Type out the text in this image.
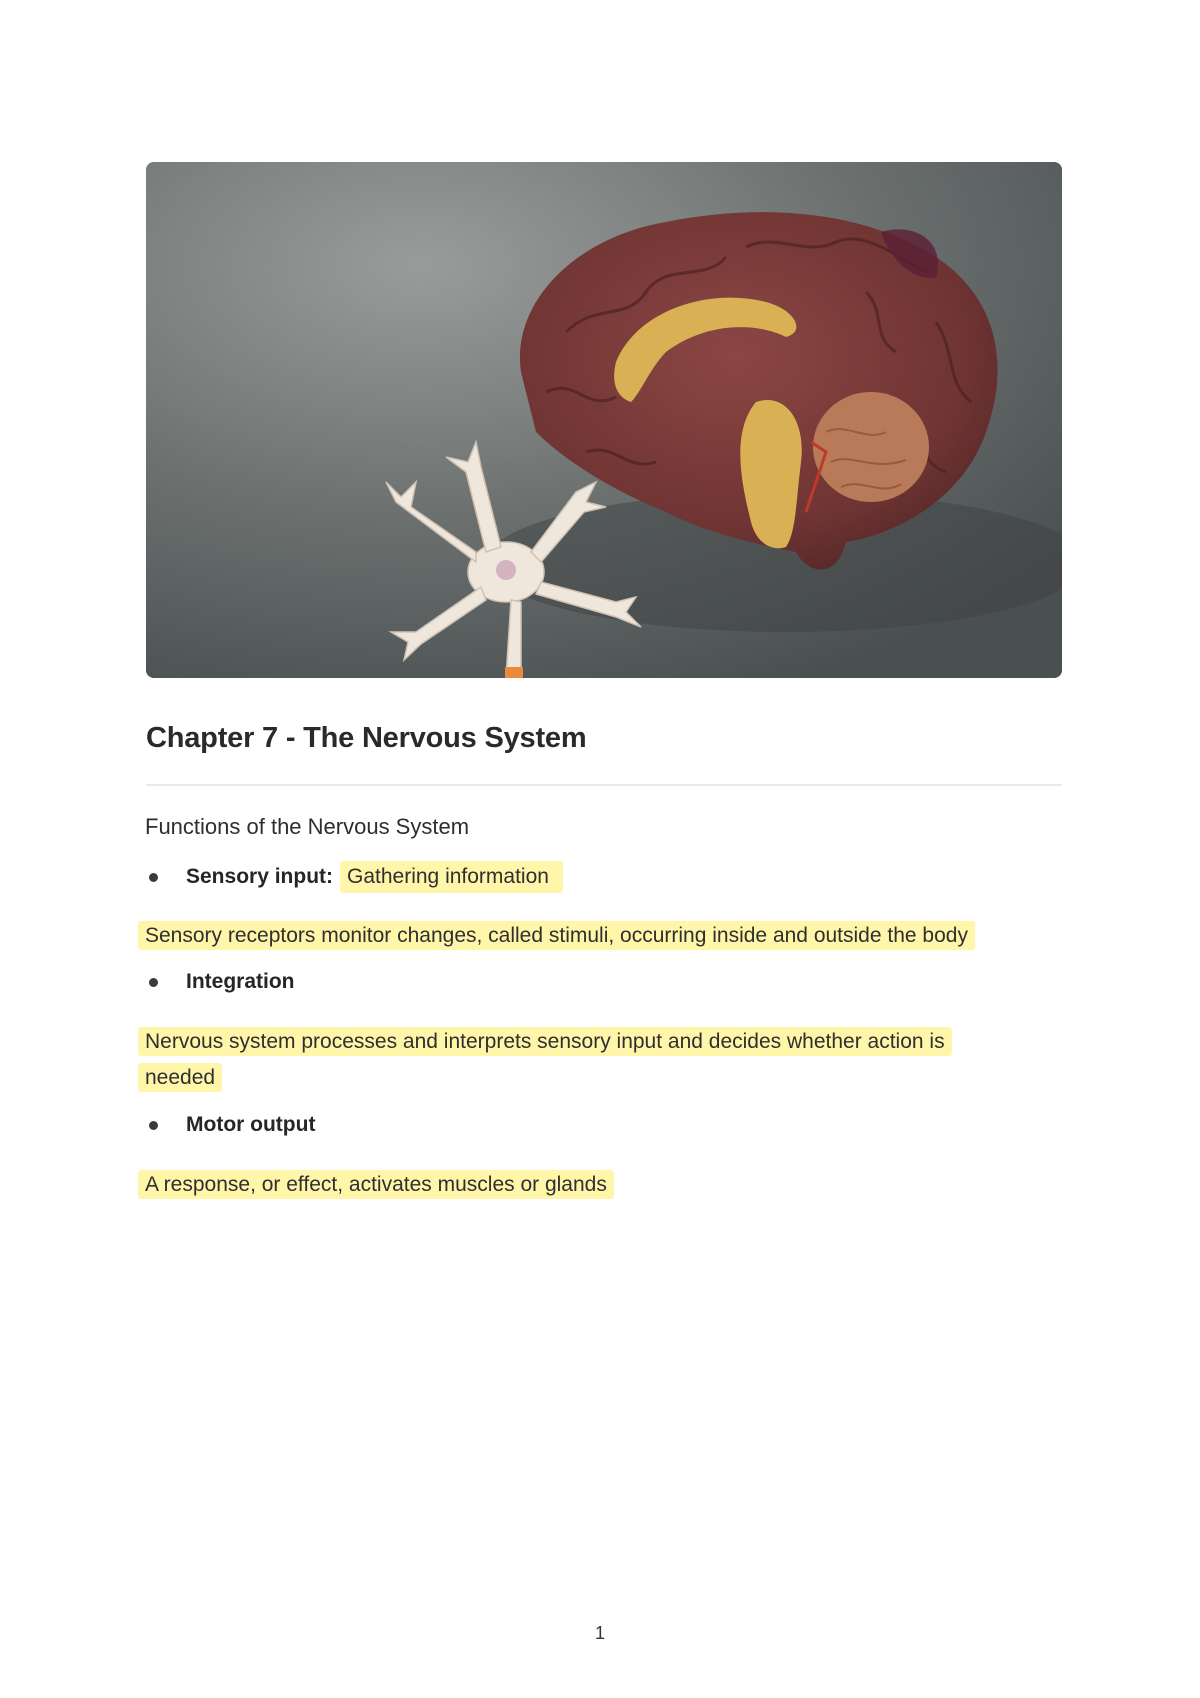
Chapter 7 - The Nervous System
Functions of the Nervous System
Sensory input: Gathering information
Sensory receptors monitor changes, called stimuli, occurring inside and outside the body
Integration
Nervous system processes and interprets sensory input and decides whether action is needed
Motor output
A response, or effect, activates muscles or glands
1
